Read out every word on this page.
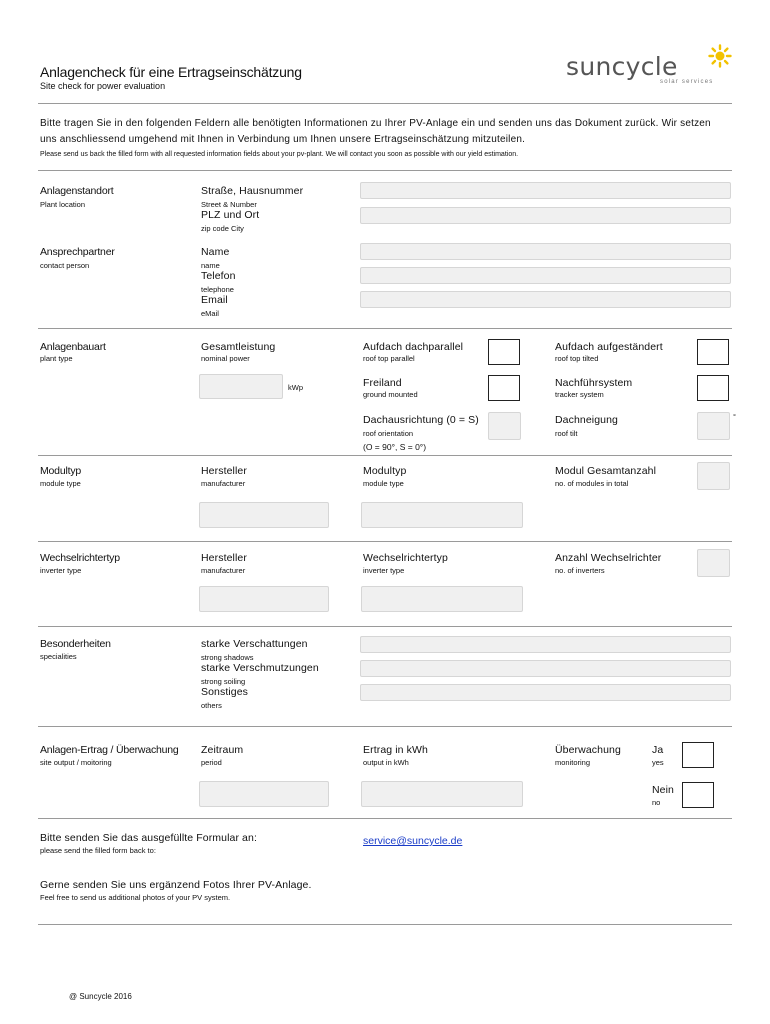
Anlagencheck für eine Ertragseinschätzung
Site check for power evaluation
suncycle
solar services
Bitte tragen Sie in den folgenden Feldern alle benötigten Informationen zu Ihrer PV-Anlage ein und senden uns das Dokument zurück. Wir setzen uns anschliessend umgehend mit Ihnen in Verbindung um Ihnen unsere Ertragseinschätzung mitzuteilen.
Please send us back the filled form with all requested information fields about your pv-plant. We will contact you soon as possible with our yield estimation.
Anlagenstandort
Plant location
Straße, Hausnummer
Street & Number
PLZ und Ort
zip code City
Ansprechpartner
contact person
Name
name
Telefon
telephone
Email
eMail
Anlagenbauart
plant type
Gesamtleistung
nominal power
kWp
Aufdach dachparallel
roof top parallel
Aufdach aufgeständert
roof top tilted
Freiland
ground mounted
Nachführsystem
tracker system
Dachausrichtung (0 = S)
roof orientation
(O = 90°, S = 0°)
Dachneigung
roof tilt
°
Modultyp
module type
Hersteller
manufacturer
Modultyp
module type
Modul Gesamtanzahl
no. of modules in total
Wechselrichtertyp
inverter type
Hersteller
manufacturer
Wechselrichtertyp
inverter type
Anzahl Wechselrichter
no. of inverters
Besonderheiten
specialities
starke Verschattungen
strong shadows
starke Verschmutzungen
strong soiling
Sonstiges
others
Anlagen-Ertrag / Überwachung
site output / moitoring
Zeitraum
period
Ertrag in kWh
output in kWh
Überwachung
monitoring
Ja
yes
Nein
no
Bitte senden Sie das ausgefüllte Formular an:
please send the filled form back to:
service@suncycle.de
Gerne senden Sie uns ergänzend Fotos Ihrer PV-Anlage.
Feel free to send us additional photos of your PV system.
@ Suncycle 2016
